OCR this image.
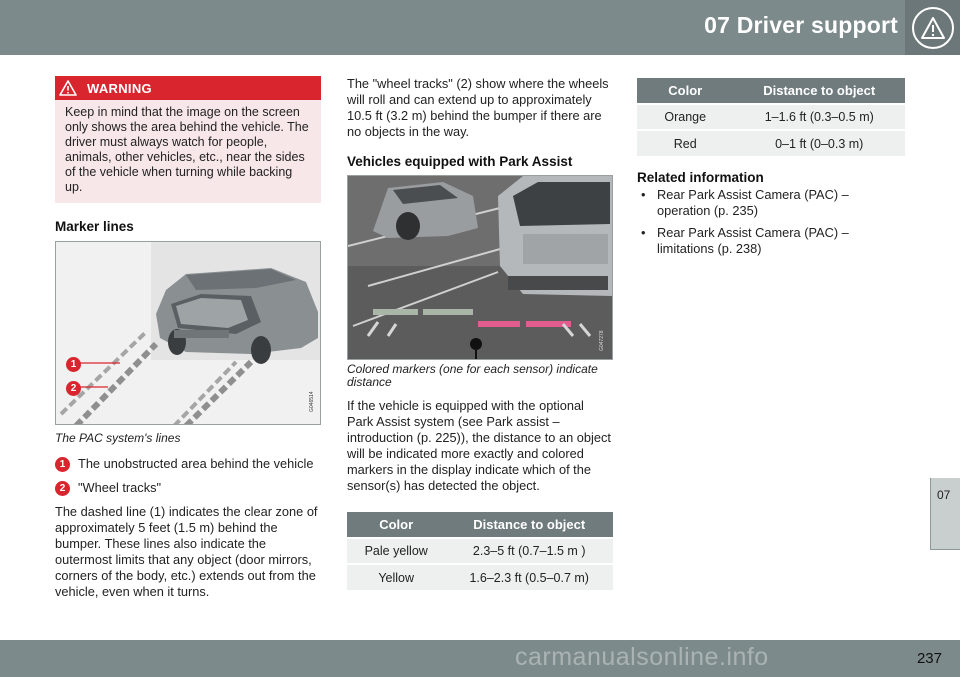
07 Driver support
07
WARNING
Keep in mind that the image on the screen only shows the area behind the vehicle. The driver must always watch for people, animals, other vehicles, etc., near the sides of the vehicle when turning while backing up.
Marker lines
G046514
1
2
The PAC system's lines
1 The unobstructed area behind the vehicle
2 "Wheel tracks"
The dashed line (1) indicates the clear zone of approximately 5 feet (1.5 m) behind the bumper. These lines also indicate the outermost limits that any object (door mirrors, corners of the body, etc.) extends out from the vehicle, even when it turns.
The "wheel tracks" (2) show where the wheels will roll and can extend up to approximately 10.5 ft (3.2 m) behind the bumper if there are no objects in the way.
Vehicles equipped with Park Assist
G047278
Colored markers (one for each sensor) indicate distance
If the vehicle is equipped with the optional Park Assist system (see Park assist – introduction (p. 225)), the distance to an object will be indicated more exactly and colored markers in the display indicate which of the sensor(s) has detected the object.
Color	Distance to object
Pale yellow	2.3–5 ft (0.7–1.5 m )
Yellow	1.6–2.3 ft (0.5–0.7 m)
Color	Distance to object
Orange	1–1.6 ft (0.3–0.5 m)
Red	0–1 ft (0–0.3 m)
Related information
• Rear Park Assist Camera (PAC) – operation (p. 235)
• Rear Park Assist Camera (PAC) – limitations (p. 238)
237
carmanualsonline.info
